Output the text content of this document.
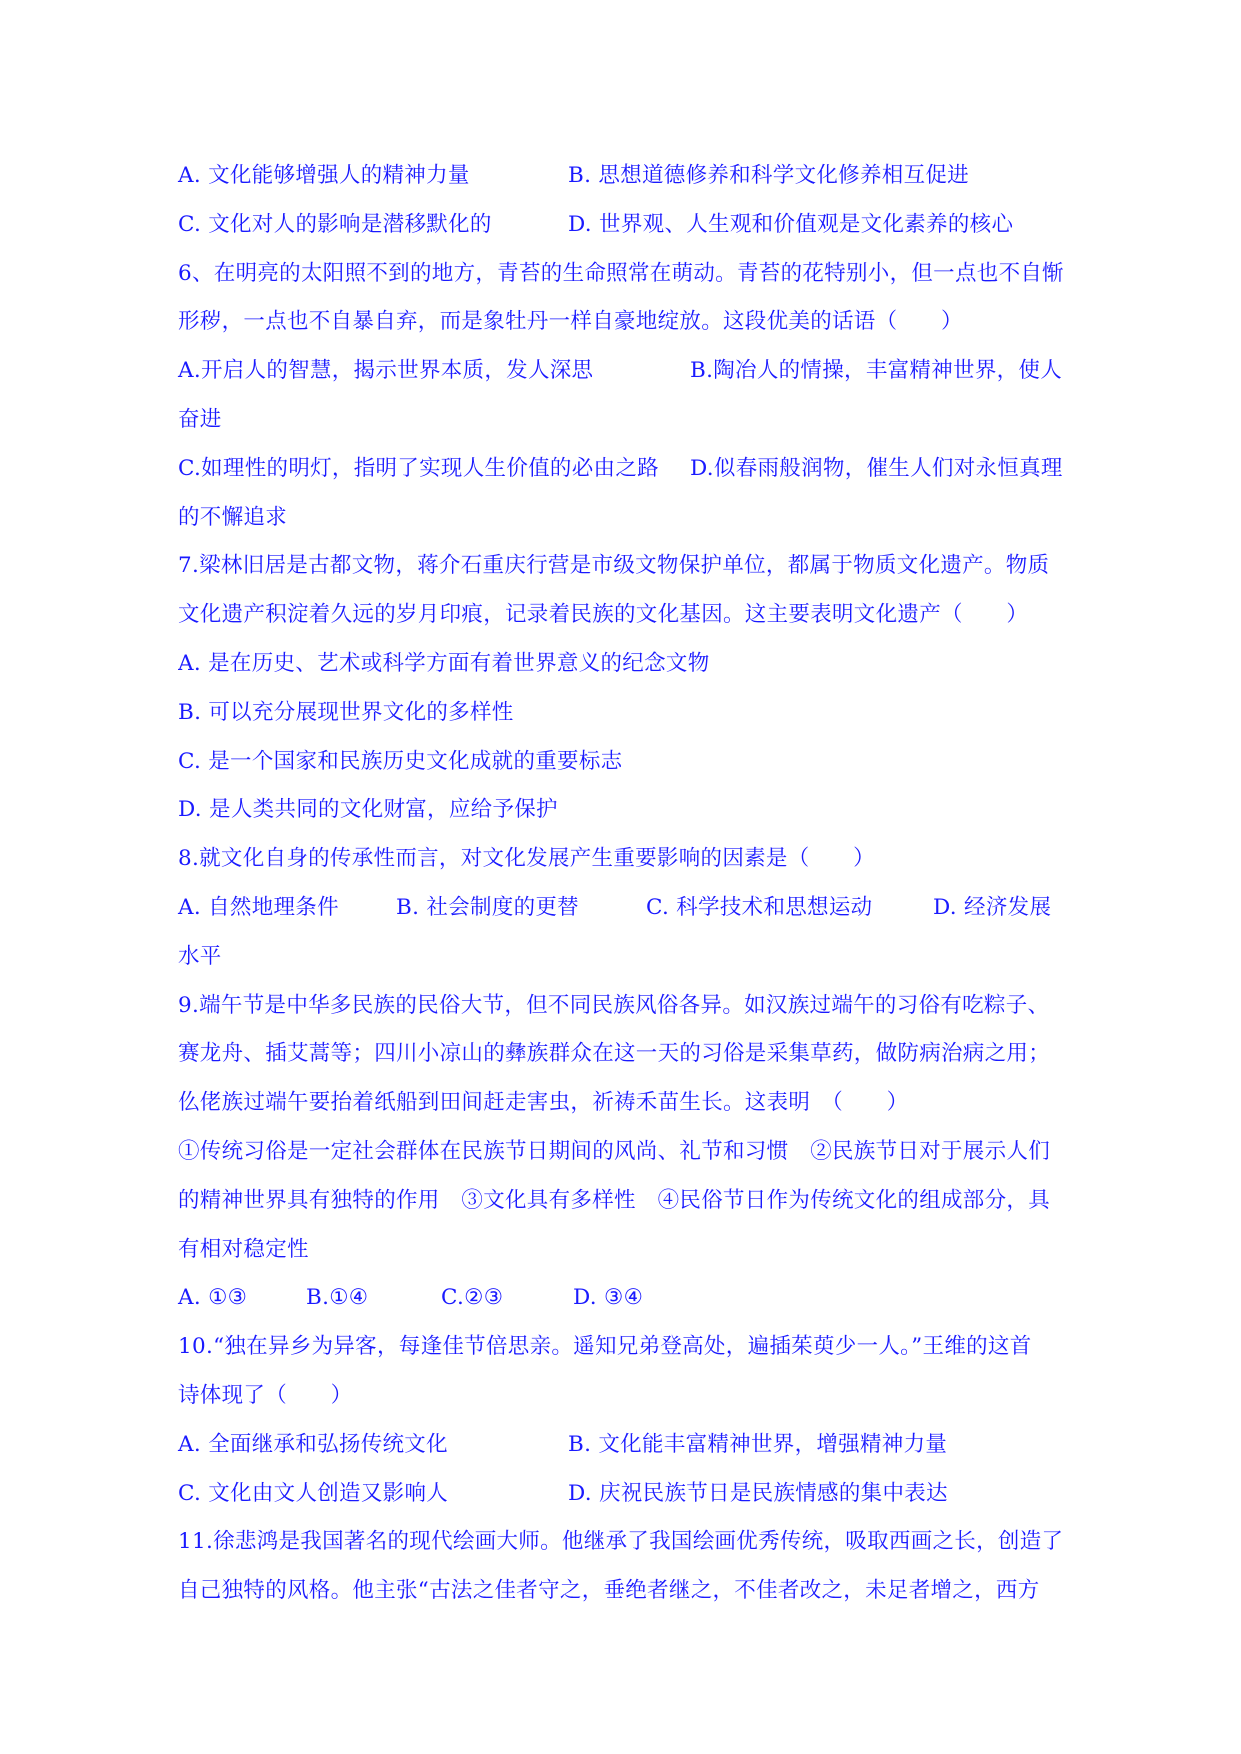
A. 文化能够增强人的精神力量	B. 思想道德修养和科学文化修养相互促进
C. 文化对人的影响是潜移默化的	D. 世界观、人生观和价值观是文化素养的核心
6、在明亮的太阳照不到的地方，青苔的生命照常在萌动。青苔的花特别小，但一点也不自惭
形秽，一点也不自暴自弃，而是象牡丹一样自豪地绽放。这段优美的话语（　　）
A.开启人的智慧，揭示世界本质，发人深思	B.陶冶人的情操，丰富精神世界，使人
奋进
C.如理性的明灯，指明了实现人生价值的必由之路	D.似春雨般润物，催生人们对永恒真理
的不懈追求
7.梁林旧居是古都文物，蒋介石重庆行营是市级文物保护单位，都属于物质文化遗产。物质
文化遗产积淀着久远的岁月印痕，记录着民族的文化基因。这主要表明文化遗产（　　）
A. 是在历史、艺术或科学方面有着世界意义的纪念文物
B. 可以充分展现世界文化的多样性
C. 是一个国家和民族历史文化成就的重要标志
D. 是人类共同的文化财富，应给予保护
8.就文化自身的传承性而言，对文化发展产生重要影响的因素是（　　）
A. 自然地理条件	B. 社会制度的更替	C. 科学技术和思想运动	D. 经济发展
水平
9.端午节是中华多民族的民俗大节，但不同民族风俗各异。如汉族过端午的习俗有吃粽子、
赛龙舟、插艾蒿等；四川小凉山的彝族群众在这一天的习俗是采集草药，做防病治病之用；
仫佬族过端午要抬着纸船到田间赶走害虫，祈祷禾苗生长。这表明　（　　）
①传统习俗是一定社会群体在民族节日期间的风尚、礼节和习惯　②民族节日对于展示人们
的精神世界具有独特的作用　③文化具有多样性　④民俗节日作为传统文化的组成部分，具
有相对稳定性
A. ①③	B.①④	C.②③	D. ③④
10.“独在异乡为异客，每逢佳节倍思亲。遥知兄弟登高处，遍插茱萸少一人。”王维的这首
诗体现了（　　）
A. 全面继承和弘扬传统文化	B. 文化能丰富精神世界，增强精神力量
C. 文化由文人创造又影响人	D. 庆祝民族节日是民族情感的集中表达
11.徐悲鸿是我国著名的现代绘画大师。他继承了我国绘画优秀传统，吸取西画之长，创造了
自己独特的风格。他主张“古法之佳者守之，垂绝者继之，不佳者改之，未足者增之，西方
